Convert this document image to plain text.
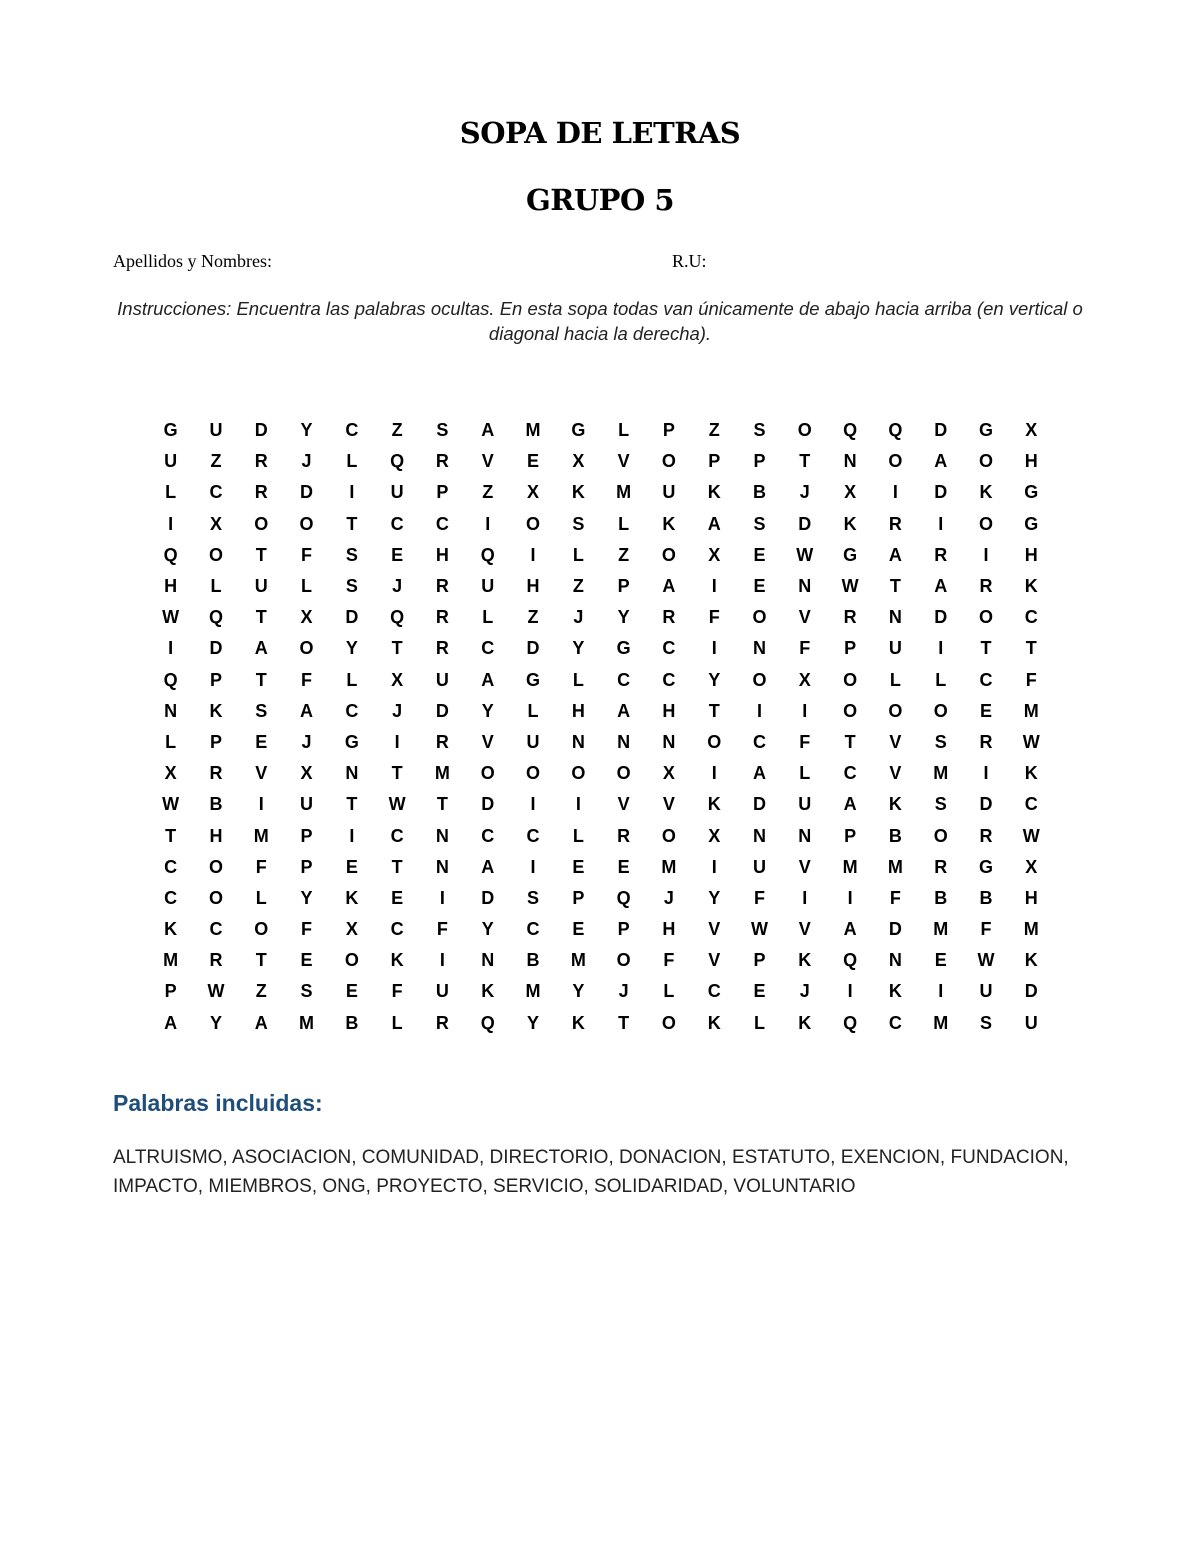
SOPA DE LETRAS
GRUPO 5
Apellidos y Nombres:	R.U:
Instrucciones: Encuentra las palabras ocultas. En esta sopa todas van únicamente de abajo hacia arriba (en vertical o diagonal hacia la derecha).
G	U	D	Y	C	Z	S	A	M	G	L	P	Z	S	O	Q	Q	D	G	X
U	Z	R	J	L	Q	R	V	E	X	V	O	P	P	T	N	O	A	O	H
L	C	R	D	I	U	P	Z	X	K	M	U	K	B	J	X	I	D	K	G
I	X	O	O	T	C	C	I	O	S	L	K	A	S	D	K	R	I	O	G
Q	O	T	F	S	E	H	Q	I	L	Z	O	X	E	W	G	A	R	I	H
H	L	U	L	S	J	R	U	H	Z	P	A	I	E	N	W	T	A	R	K
W	Q	T	X	D	Q	R	L	Z	J	Y	R	F	O	V	R	N	D	O	C
I	D	A	O	Y	T	R	C	D	Y	G	C	I	N	F	P	U	I	T	T
Q	P	T	F	L	X	U	A	G	L	C	C	Y	O	X	O	L	L	C	F
N	K	S	A	C	J	D	Y	L	H	A	H	T	I	I	O	O	O	E	M
L	P	E	J	G	I	R	V	U	N	N	N	O	C	F	T	V	S	R	W
X	R	V	X	N	T	M	O	O	O	O	X	I	A	L	C	V	M	I	K
W	B	I	U	T	W	T	D	I	I	V	V	K	D	U	A	K	S	D	C
T	H	M	P	I	C	N	C	C	L	R	O	X	N	N	P	B	O	R	W
C	O	F	P	E	T	N	A	I	E	E	M	I	U	V	M	M	R	G	X
C	O	L	Y	K	E	I	D	S	P	Q	J	Y	F	I	I	F	B	B	H
K	C	O	F	X	C	F	Y	C	E	P	H	V	W	V	A	D	M	F	M
M	R	T	E	O	K	I	N	B	M	O	F	V	P	K	Q	N	E	W	K
P	W	Z	S	E	F	U	K	M	Y	J	L	C	E	J	I	K	I	U	D
A	Y	A	M	B	L	R	Q	Y	K	T	O	K	L	K	Q	C	M	S	U
Palabras incluidas:
ALTRUISMO, ASOCIACION, COMUNIDAD, DIRECTORIO, DONACION, ESTATUTO, EXENCION, FUNDACION, IMPACTO, MIEMBROS, ONG, PROYECTO, SERVICIO, SOLIDARIDAD, VOLUNTARIO
